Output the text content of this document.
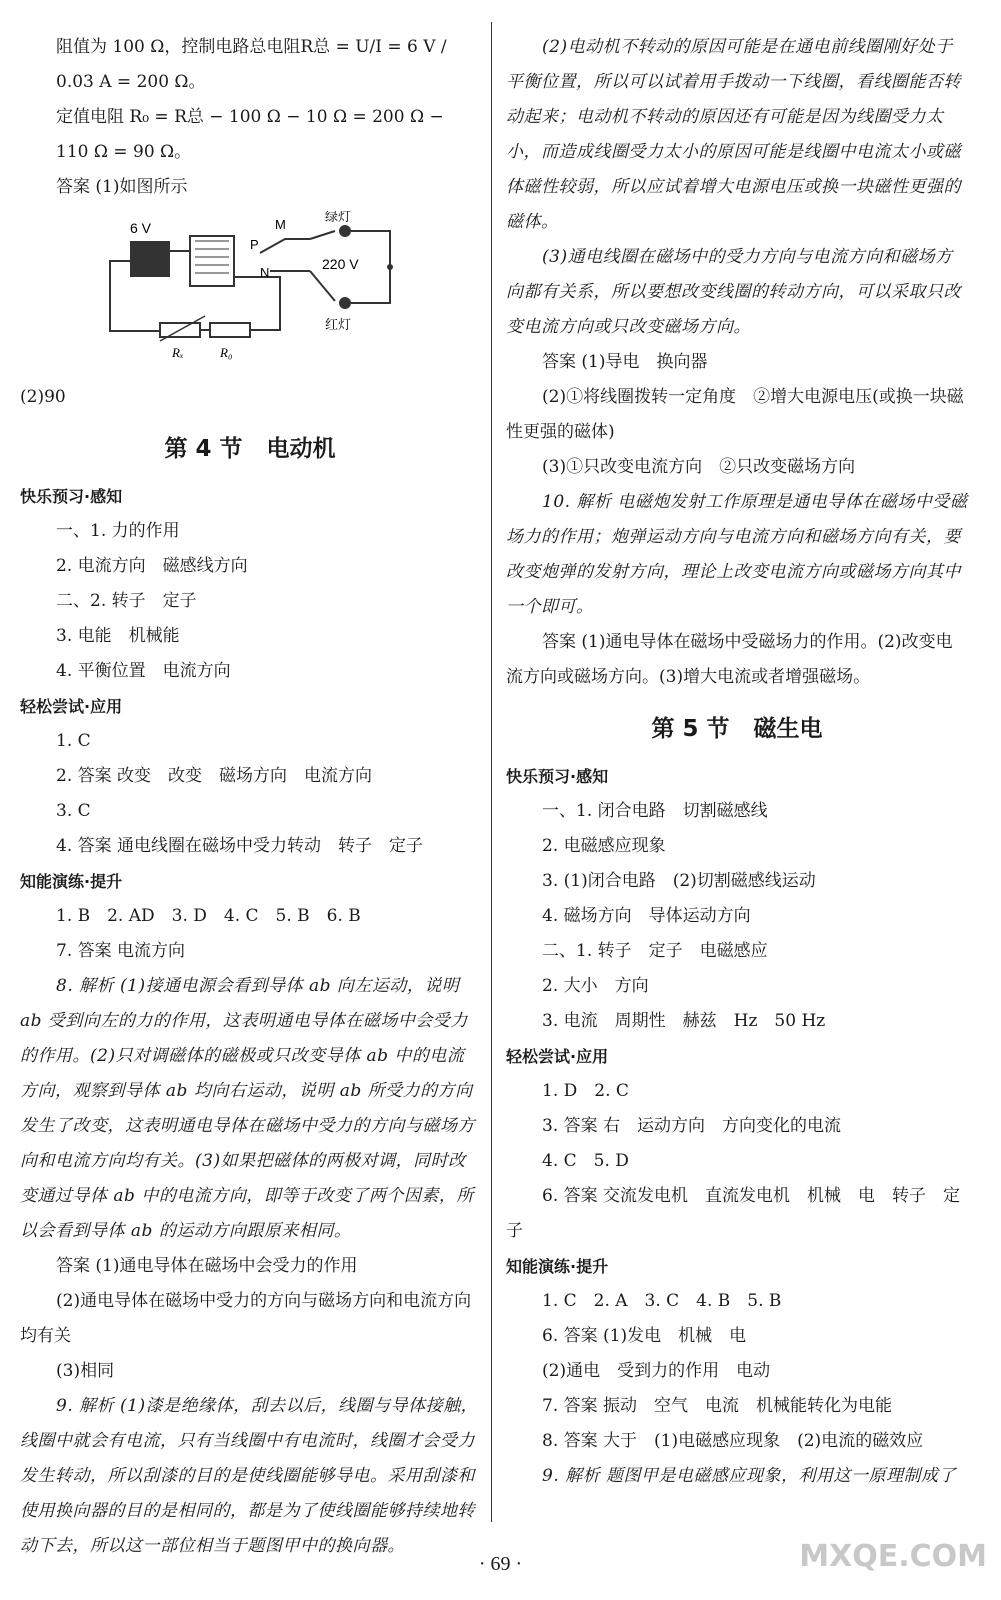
阻值为 100 Ω，控制电路总电阻R总 = U/I = 6 V / 0.03 A = 200 Ω。

定值电阻 R₀ = R总 − 100 Ω − 10 Ω = 200 Ω − 110 Ω = 90 Ω。

答案 (1)如图所示

6 V
Rₓ	R₀
P
M
N
绿灯
红灯
220 V

(2)90

第 4 节 电动机

快乐预习·感知

一、1. 力的作用

2. 电流方向　磁感线方向

二、2. 转子　定子

3. 电能　机械能

4. 平衡位置　电流方向

轻松尝试·应用

1. C

2. 答案 改变　改变　磁场方向　电流方向

3. C

4. 答案 通电线圈在磁场中受力转动　转子　定子

知能演练·提升

1. B　2. AD　3. D　4. C　5. B　6. B

7. 答案 电流方向

8. 解析 (1)接通电源会看到导体 ab 向左运动，说明 ab 受到向左的力的作用，这表明通电导体在磁场中会受力的作用。(2)只对调磁体的磁极或只改变导体 ab 中的电流方向，观察到导体 ab 均向右运动，说明 ab 所受力的方向发生了改变，这表明通电导体在磁场中受力的方向与磁场方向和电流方向均有关。(3)如果把磁体的两极对调，同时改变通过导体 ab 中的电流方向，即等于改变了两个因素，所以会看到导体 ab 的运动方向跟原来相同。

答案 (1)通电导体在磁场中会受力的作用

(2)通电导体在磁场中受力的方向与磁场方向和电流方向均有关

(3)相同

9. 解析 (1)漆是绝缘体，刮去以后，线圈与导体接触，线圈中就会有电流，只有当线圈中有电流时，线圈才会受力发生转动，所以刮漆的目的是使线圈能够导电。采用刮漆和使用换向器的目的是相同的，都是为了使线圈能够持续地转动下去，所以这一部位相当于题图甲中的换向器。

(2)电动机不转动的原因可能是在通电前线圈刚好处于平衡位置，所以可以试着用手拨动一下线圈，看线圈能否转动起来；电动机不转动的原因还有可能是因为线圈受力太小，而造成线圈受力太小的原因可能是线圈中电流太小或磁体磁性较弱，所以应试着增大电源电压或换一块磁性更强的磁体。

(3)通电线圈在磁场中的受力方向与电流方向和磁场方向都有关系，所以要想改变线圈的转动方向，可以采取只改变电流方向或只改变磁场方向。

答案 (1)导电　换向器

(2)①将线圈拨转一定角度　②增大电源电压(或换一块磁性更强的磁体)

(3)①只改变电流方向　②只改变磁场方向

10. 解析 电磁炮发射工作原理是通电导体在磁场中受磁场力的作用；炮弹运动方向与电流方向和磁场方向有关，要改变炮弹的发射方向，理论上改变电流方向或磁场方向其中一个即可。

答案 (1)通电导体在磁场中受磁场力的作用。(2)改变电流方向或磁场方向。(3)增大电流或者增强磁场。

第 5 节 磁生电

快乐预习·感知

一、1. 闭合电路　切割磁感线

2. 电磁感应现象

3. (1)闭合电路　(2)切割磁感线运动

4. 磁场方向　导体运动方向

二、1. 转子　定子　电磁感应

2. 大小　方向

3. 电流　周期性　赫兹　Hz　50 Hz

轻松尝试·应用

1. D　2. C

3. 答案 右　运动方向　方向变化的电流

4. C　5. D

6. 答案 交流发电机　直流发电机　机械　电　转子　定子

知能演练·提升

1. C　2. A　3. C　4. B　5. B

6. 答案 (1)发电　机械　电

(2)通电　受到力的作用　电动

7. 答案 振动　空气　电流　机械能转化为电能

8. 答案 大于　(1)电磁感应现象　(2)电流的磁效应

9. 解析 题图甲是电磁感应现象，利用这一原理制成了

· 69 ·	MXQE.COM
